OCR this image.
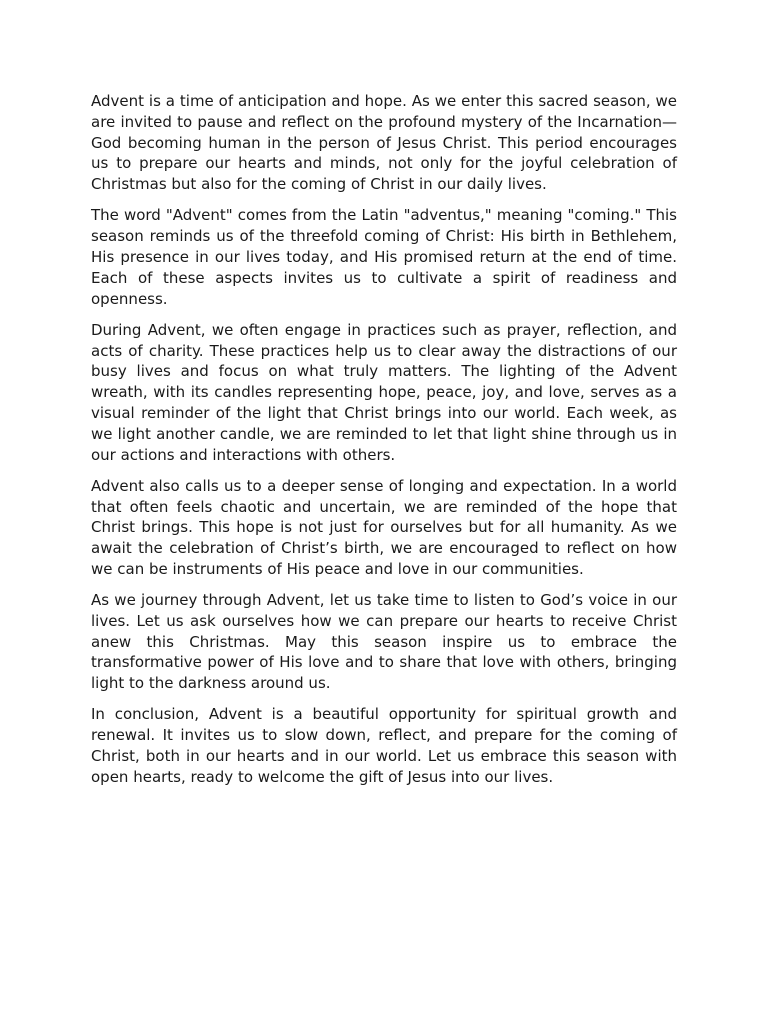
Advent is a time of anticipation and hope. As we enter this sacred season, we are invited to pause and reflect on the profound mystery of the Incarnation—God becoming human in the person of Jesus Christ. This period encourages us to prepare our hearts and minds, not only for the joyful celebration of Christmas but also for the coming of Christ in our daily lives.

The word "Advent" comes from the Latin "adventus," meaning "coming." This season reminds us of the threefold coming of Christ: His birth in Bethlehem, His presence in our lives today, and His promised return at the end of time. Each of these aspects invites us to cultivate a spirit of readiness and openness.

During Advent, we often engage in practices such as prayer, reflection, and acts of charity. These practices help us to clear away the distractions of our busy lives and focus on what truly matters. The lighting of the Advent wreath, with its candles representing hope, peace, joy, and love, serves as a visual reminder of the light that Christ brings into our world. Each week, as we light another candle, we are reminded to let that light shine through us in our actions and interactions with others.

Advent also calls us to a deeper sense of longing and expectation. In a world that often feels chaotic and uncertain, we are reminded of the hope that Christ brings. This hope is not just for ourselves but for all humanity. As we await the celebration of Christ’s birth, we are encouraged to reflect on how we can be instruments of His peace and love in our communities.

As we journey through Advent, let us take time to listen to God’s voice in our lives. Let us ask ourselves how we can prepare our hearts to receive Christ anew this Christmas. May this season inspire us to embrace the transformative power of His love and to share that love with others, bringing light to the darkness around us.

In conclusion, Advent is a beautiful opportunity for spiritual growth and renewal. It invites us to slow down, reflect, and prepare for the coming of Christ, both in our hearts and in our world. Let us embrace this season with open hearts, ready to welcome the gift of Jesus into our lives.
